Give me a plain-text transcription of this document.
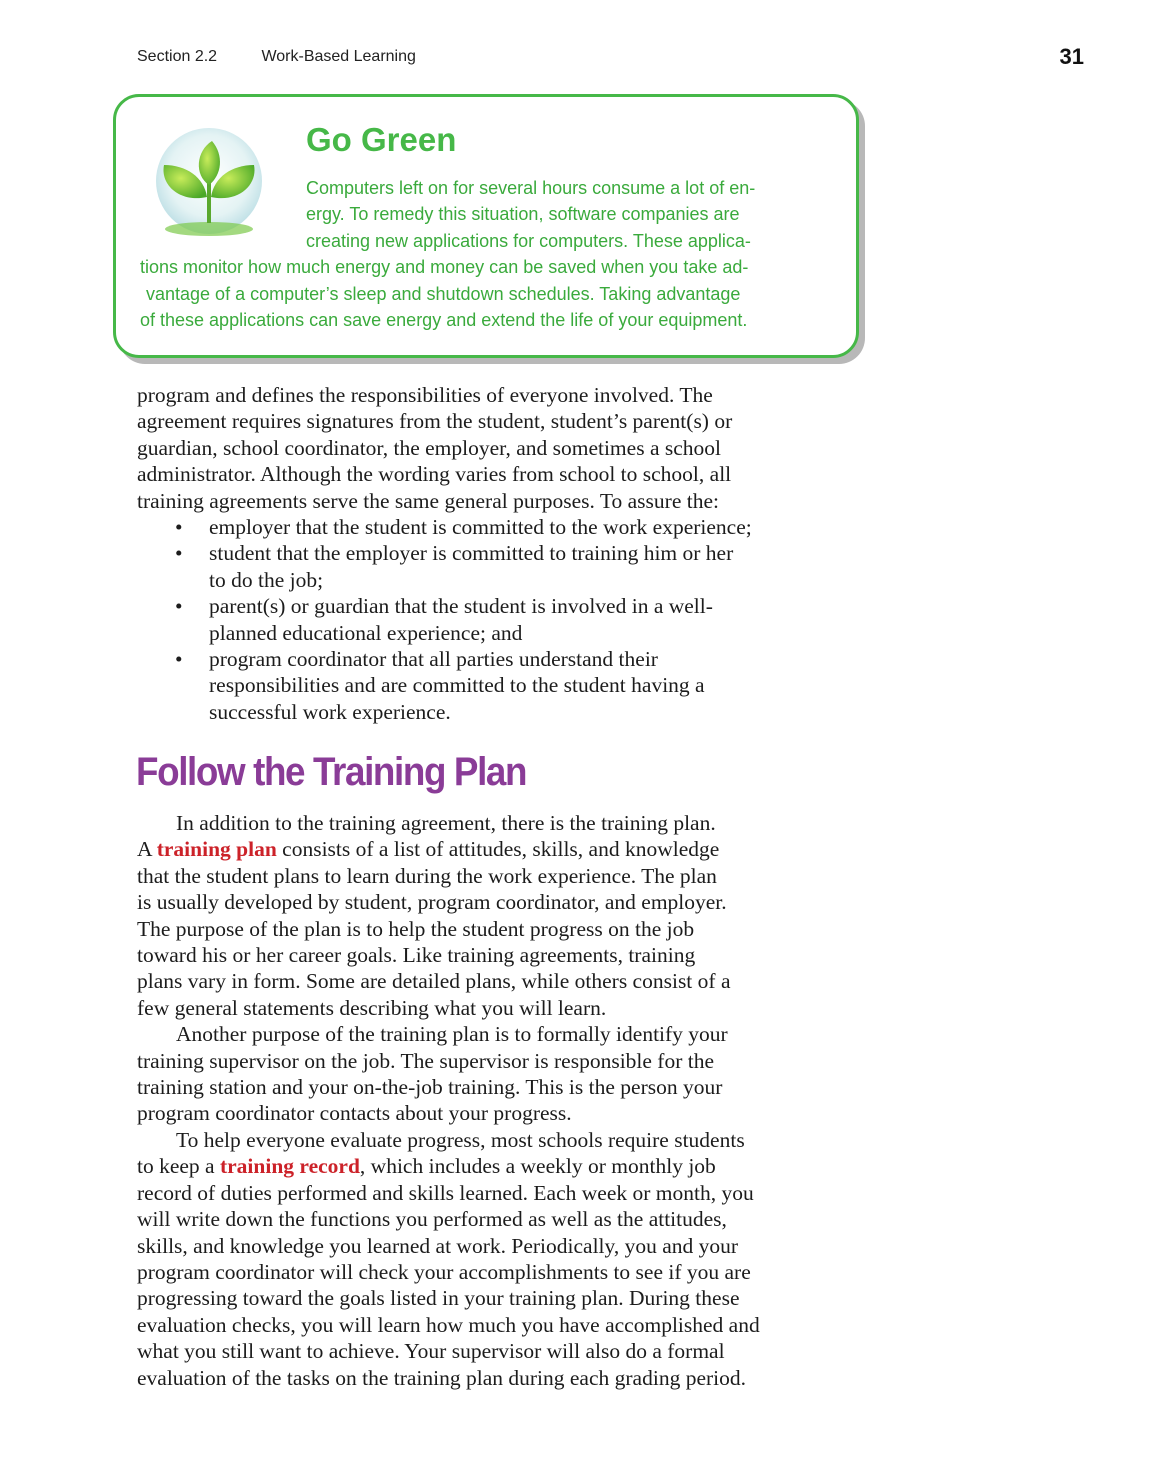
Section 2.2	Work-Based Learning	31
Go Green
Computers left on for several hours consume a lot of en-
ergy. To remedy this situation, software companies are
creating new applications for computers. These applica-
tions monitor how much energy and money can be saved when you take ad-
vantage of a computer’s sleep and shutdown schedules. Taking advantage
of these applications can save energy and extend the life of your equipment.
program and defines the responsibilities of everyone involved. The
agreement requires signatures from the student, student’s parent(s) or
guardian, school coordinator, the employer, and sometimes a school
administrator. Although the wording varies from school to school, all
training agreements serve the same general purposes. To assure the:
• employer that the student is committed to the work experience;
• student that the employer is committed to training him or her
to do the job;
• parent(s) or guardian that the student is involved in a well-
planned educational experience; and
• program coordinator that all parties understand their
responsibilities and are committed to the student having a
successful work experience.
Follow the Training Plan
In addition to the training agreement, there is the training plan.
A training plan consists of a list of attitudes, skills, and knowledge
that the student plans to learn during the work experience. The plan
is usually developed by student, program coordinator, and employer.
The purpose of the plan is to help the student progress on the job
toward his or her career goals. Like training agreements, training
plans vary in form. Some are detailed plans, while others consist of a
few general statements describing what you will learn.
Another purpose of the training plan is to formally identify your
training supervisor on the job. The supervisor is responsible for the
training station and your on-the-job training. This is the person your
program coordinator contacts about your progress.
To help everyone evaluate progress, most schools require students
to keep a training record, which includes a weekly or monthly job
record of duties performed and skills learned. Each week or month, you
will write down the functions you performed as well as the attitudes,
skills, and knowledge you learned at work. Periodically, you and your
program coordinator will check your accomplishments to see if you are
progressing toward the goals listed in your training plan. During these
evaluation checks, you will learn how much you have accomplished and
what you still want to achieve. Your supervisor will also do a formal
evaluation of the tasks on the training plan during each grading period.
